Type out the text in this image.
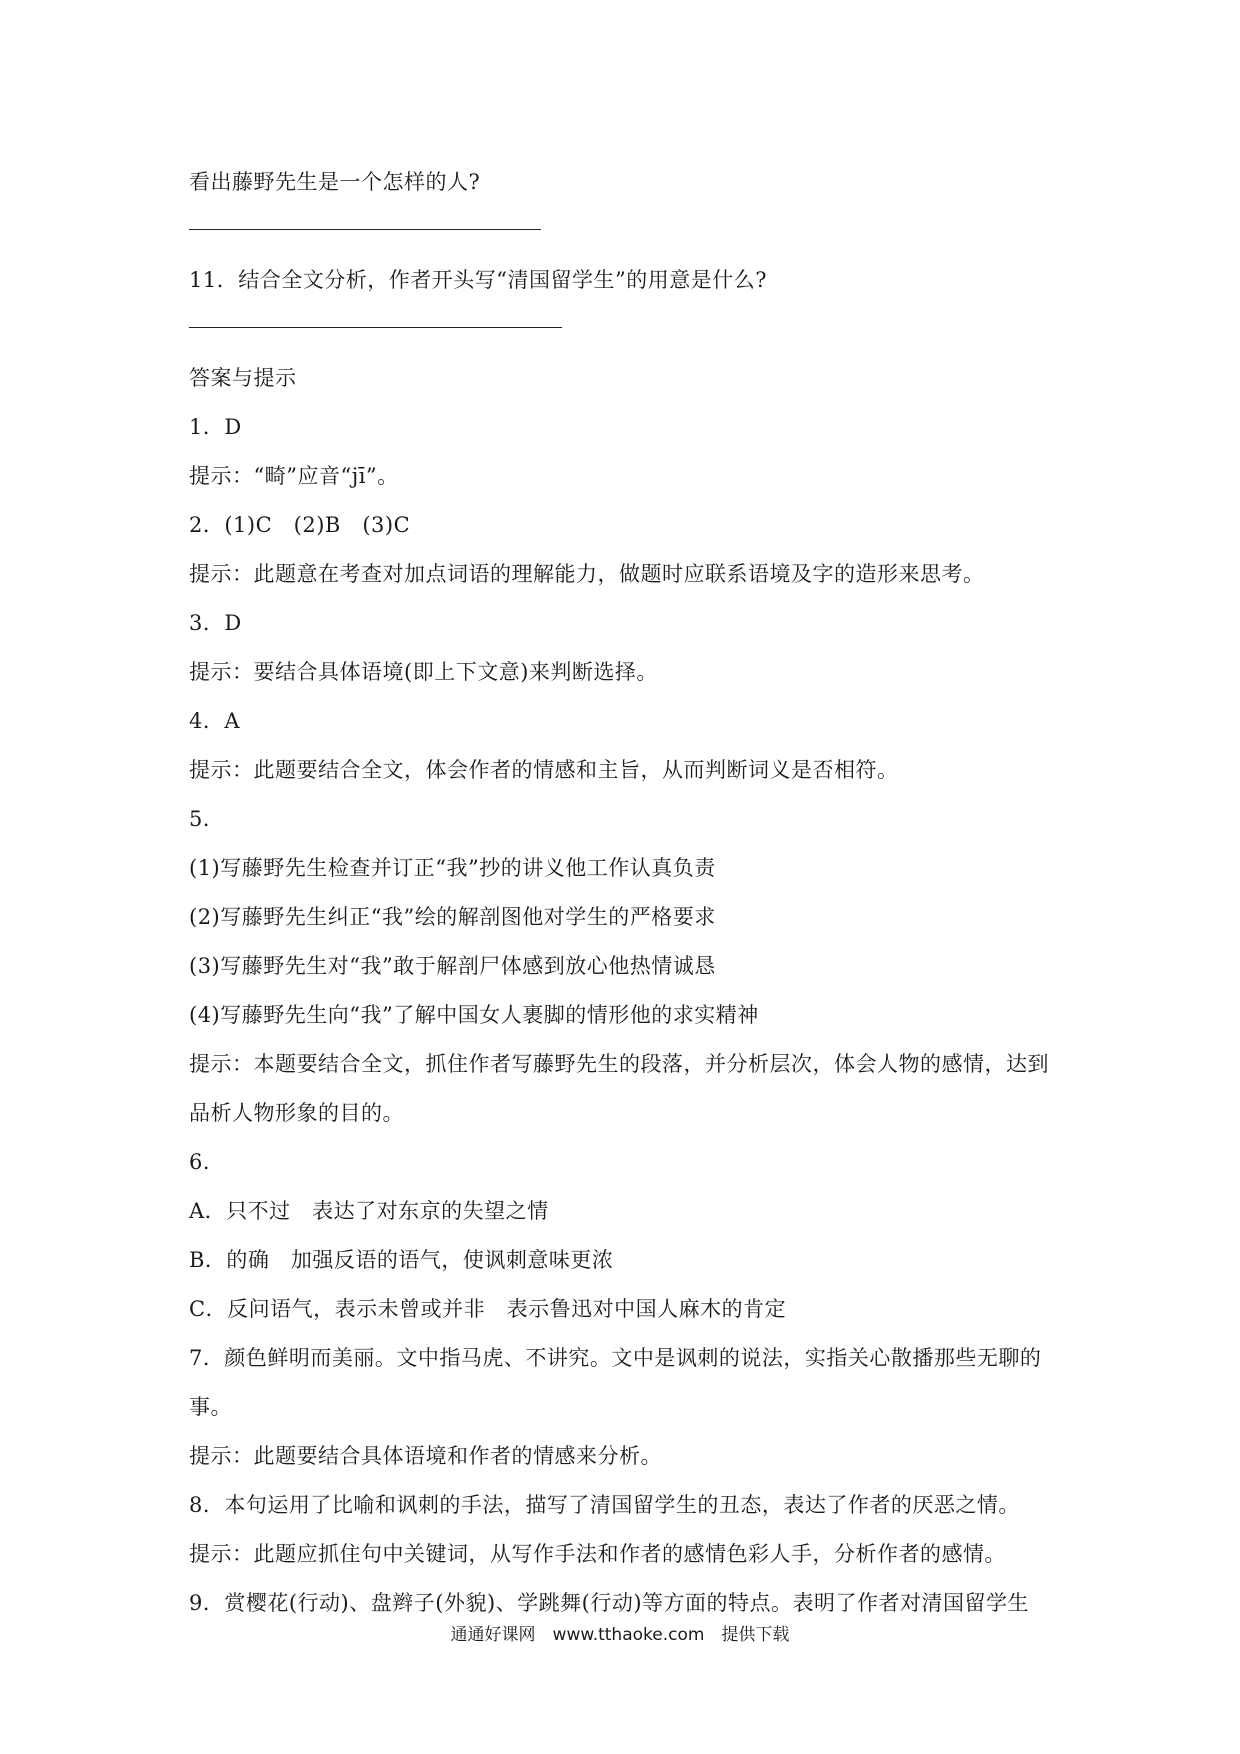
看出藤野先生是一个怎样的人?
11．结合全文分析，作者开头写“清国留学生”的用意是什么?
答案与提示
1．D
提示：“畸”应音“jī”。
2．(1)C　(2)B　(3)C
提示：此题意在考查对加点词语的理解能力，做题时应联系语境及字的造形来思考。
3．D
提示：要结合具体语境(即上下文意)来判断选择。
4．A
提示：此题要结合全文，体会作者的情感和主旨，从而判断词义是否相符。
5．
(1)写藤野先生检查并订正“我”抄的讲义他工作认真负责
(2)写藤野先生纠正“我”绘的解剖图他对学生的严格要求
(3)写藤野先生对“我”敢于解剖尸体感到放心他热情诚恳
(4)写藤野先生向“我”了解中国女人裹脚的情形他的求实精神
提示：本题要结合全文，抓住作者写藤野先生的段落，并分析层次，体会人物的感情，达到
品析人物形象的目的。
6．
A．只不过　表达了对东京的失望之情
B．的确　加强反语的语气，使讽刺意味更浓
C．反问语气，表示未曾或并非　表示鲁迅对中国人麻木的肯定
7．颜色鲜明而美丽。文中指马虎、不讲究。文中是讽刺的说法，实指关心散播那些无聊的
事。
提示：此题要结合具体语境和作者的情感来分析。
8．本句运用了比喻和讽刺的手法，描写了清国留学生的丑态，表达了作者的厌恶之情。
提示：此题应抓住句中关键词，从写作手法和作者的感情色彩人手，分析作者的感情。
9．赏樱花(行动)、盘辫子(外貌)、学跳舞(行动)等方面的特点。表明了作者对清国留学生
通通好课网　www.tthaoke.com　提供下载
